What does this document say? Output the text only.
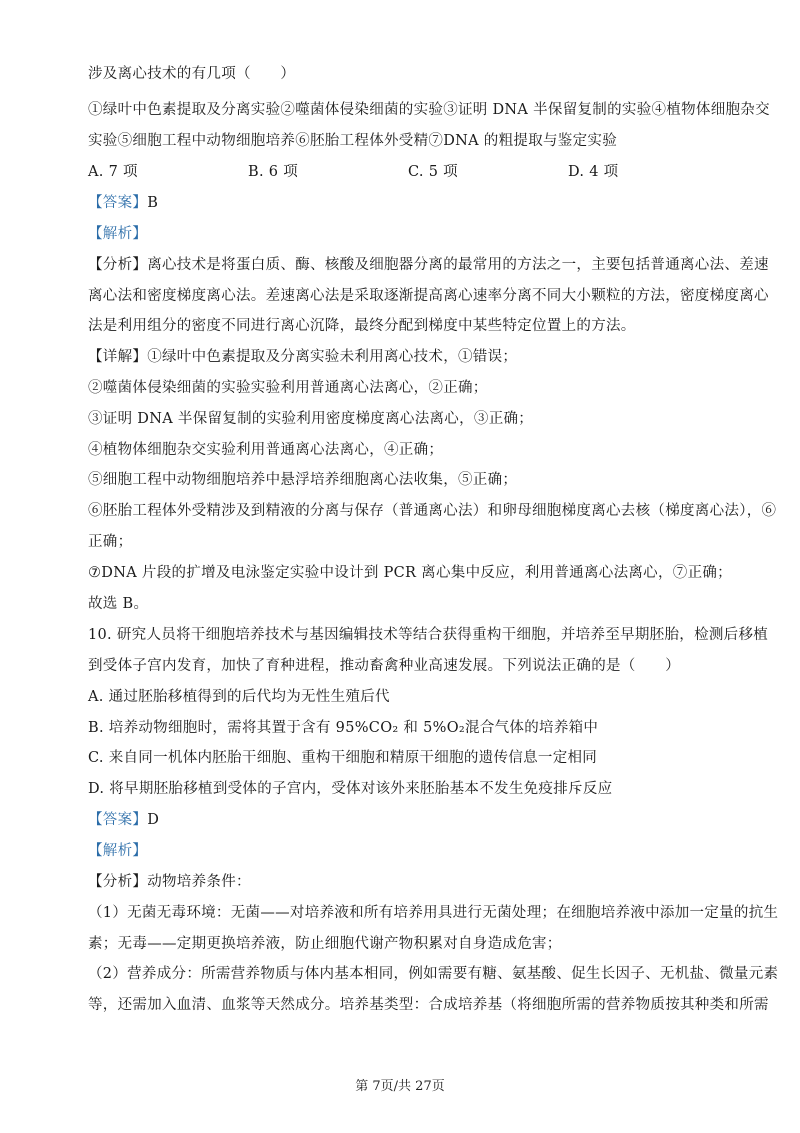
涉及离心技术的有几项（　　）
①绿叶中色素提取及分离实验②噬菌体侵染细菌的实验③证明 DNA 半保留复制的实验④植物体细胞杂交
实验⑤细胞工程中动物细胞培养⑥胚胎工程体外受精⑦DNA 的粗提取与鉴定实验
A. 7 项	B. 6 项	C. 5 项	D. 4 项
【答案】B
【解析】
【分析】离心技术是将蛋白质、酶、核酸及细胞器分离的最常用的方法之一，主要包括普通离心法、差速
离心法和密度梯度离心法。差速离心法是采取逐渐提高离心速率分离不同大小颗粒的方法，密度梯度离心
法是利用组分的密度不同进行离心沉降，最终分配到梯度中某些特定位置上的方法。
【详解】①绿叶中色素提取及分离实验未利用离心技术，①错误；
②噬菌体侵染细菌的实验实验利用普通离心法离心，②正确；
③证明 DNA 半保留复制的实验利用密度梯度离心法离心，③正确；
④植物体细胞杂交实验利用普通离心法离心，④正确；
⑤细胞工程中动物细胞培养中悬浮培养细胞离心法收集，⑤正确；
⑥胚胎工程体外受精涉及到精液的分离与保存（普通离心法）和卵母细胞梯度离心去核（梯度离心法），⑥
正确；
⑦DNA 片段的扩增及电泳鉴定实验中设计到 PCR 离心集中反应，利用普通离心法离心，⑦正确；
故选 B。
10. 研究人员将干细胞培养技术与基因编辑技术等结合获得重构干细胞，并培养至早期胚胎，检测后移植
到受体子宫内发育，加快了育种进程，推动畜禽种业高速发展。下列说法正确的是（　　）
A. 通过胚胎移植得到的后代均为无性生殖后代
B. 培养动物细胞时，需将其置于含有 95%CO₂ 和 5%O₂混合气体的培养箱中
C. 来自同一机体内胚胎干细胞、重构干细胞和精原干细胞的遗传信息一定相同
D. 将早期胚胎移植到受体的子宫内，受体对该外来胚胎基本不发生免疫排斥反应
【答案】D
【解析】
【分析】动物培养条件：
（1）无菌无毒环境：无菌——对培养液和所有培养用具进行无菌处理；在细胞培养液中添加一定量的抗生
素；无毒——定期更换培养液，防止细胞代谢产物积累对自身造成危害；
（2）营养成分：所需营养物质与体内基本相同，例如需要有糖、氨基酸、促生长因子、无机盐、微量元素
等，还需加入血清、血浆等天然成分。培养基类型：合成培养基（将细胞所需的营养物质按其种类和所需
第 7页/共 27页
